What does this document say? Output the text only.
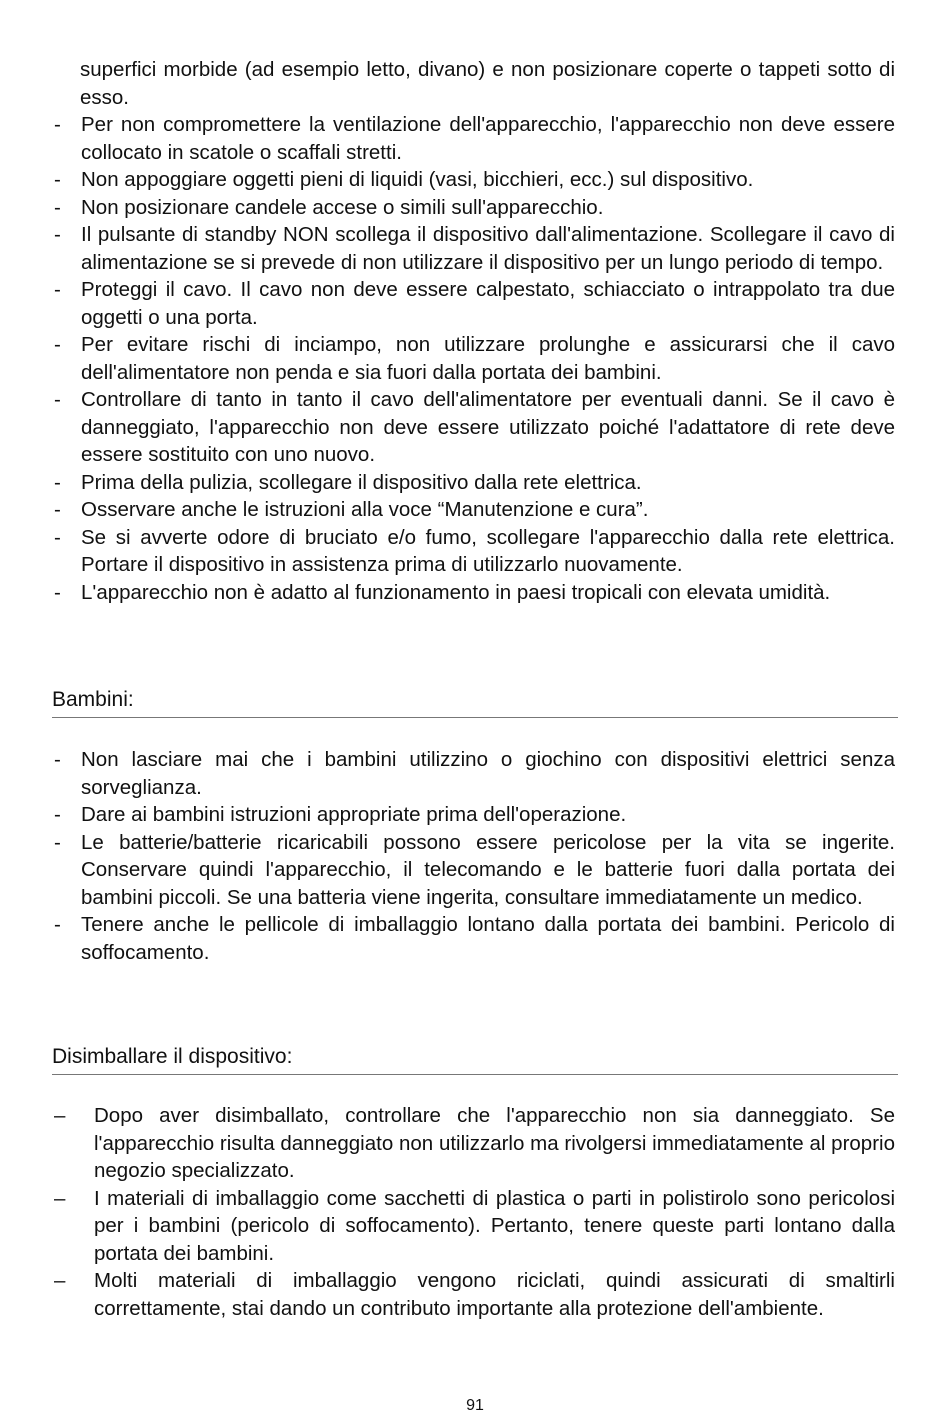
superfici morbide (ad esempio letto, divano) e non posizionare coperte o tappeti sotto di esso.

- Per non compromettere la ventilazione dell'apparecchio, l'apparecchio non deve essere collocato in scatole o scaffali stretti.
- Non appoggiare oggetti pieni di liquidi (vasi, bicchieri, ecc.) sul dispositivo.
- Non posizionare candele accese o simili sull'apparecchio.
- Il pulsante di standby NON scollega il dispositivo dall'alimentazione. Scollegare il cavo di alimentazione se si prevede di non utilizzare il dispositivo per un lungo periodo di tempo.
- Proteggi il cavo. Il cavo non deve essere calpestato, schiacciato o intrappolato tra due oggetti o una porta.
- Per evitare rischi di inciampo, non utilizzare prolunghe e assicurarsi che il cavo dell'alimentatore non penda e sia fuori dalla portata dei bambini.
- Controllare di tanto in tanto il cavo dell'alimentatore per eventuali danni. Se il cavo è danneggiato, l'apparecchio non deve essere utilizzato poiché l'adattatore di rete deve essere sostituito con uno nuovo.
- Prima della pulizia, scollegare il dispositivo dalla rete elettrica.
- Osservare anche le istruzioni alla voce “Manutenzione e cura”.
- Se si avverte odore di bruciato e/o fumo, scollegare l'apparecchio dalla rete elettrica. Portare il dispositivo in assistenza prima di utilizzarlo nuovamente.
- L'apparecchio non è adatto al funzionamento in paesi tropicali con elevata umidità.
Bambini:
- Non lasciare mai che i bambini utilizzino o giochino con dispositivi elettrici senza sorveglianza.
- Dare ai bambini istruzioni appropriate prima dell'operazione.
- Le batterie/batterie ricaricabili possono essere pericolose per la vita se ingerite. Conservare quindi l'apparecchio, il telecomando e le batterie fuori dalla portata dei bambini piccoli. Se una batteria viene ingerita, consultare immediatamente un medico.
- Tenere anche le pellicole di imballaggio lontano dalla portata dei bambini. Pericolo di soffocamento.
Disimballare il dispositivo:
– Dopo aver disimballato, controllare che l'apparecchio non sia danneggiato. Se l'apparecchio risulta danneggiato non utilizzarlo ma rivolgersi immediatamente al proprio negozio specializzato.
– I materiali di imballaggio come sacchetti di plastica o parti in polistirolo sono pericolosi per i bambini (pericolo di soffocamento). Pertanto, tenere queste parti lontano dalla portata dei bambini.
– Molti materiali di imballaggio vengono riciclati, quindi assicurati di smaltirli correttamente, stai dando un contributo importante alla protezione dell'ambiente.
91
